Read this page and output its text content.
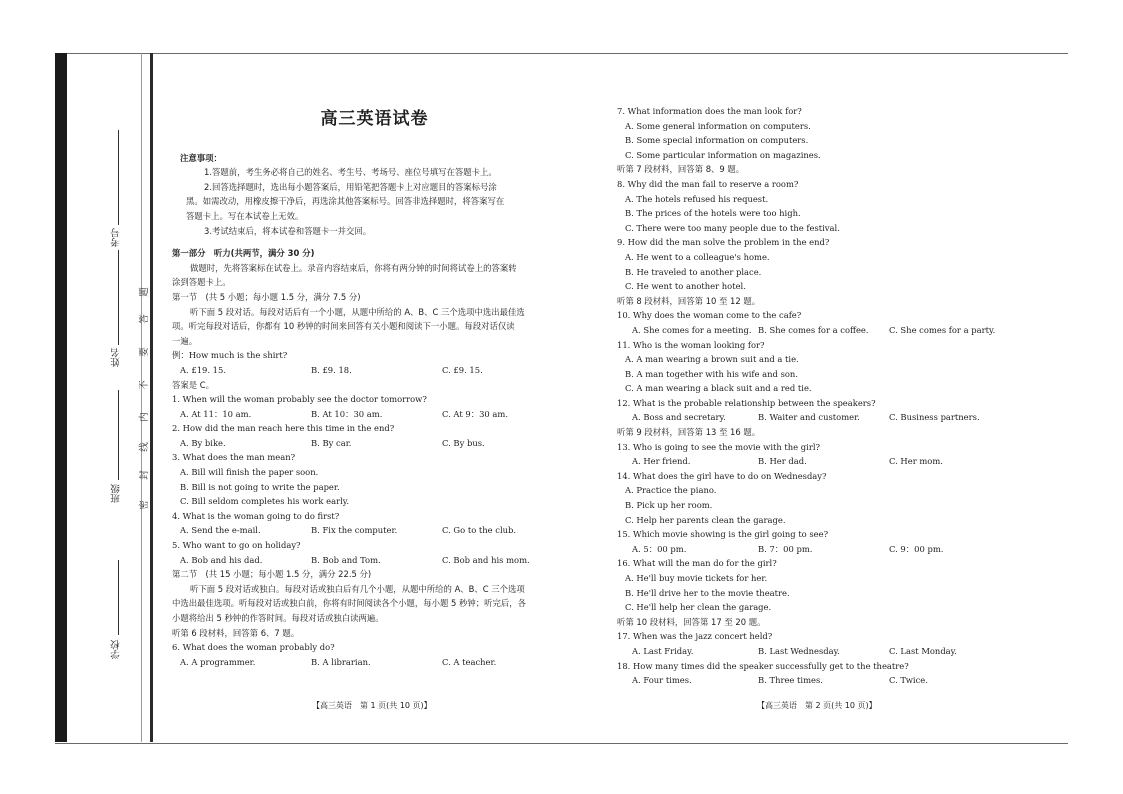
学校
班级
姓名
考号
题
答
要
不
内
线
封
密
高三英语试卷
注意事项：
1.答题前，考生务必将自己的姓名、考生号、考场号、座位号填写在答题卡上。
2.回答选择题时，选出每小题答案后，用铅笔把答题卡上对应题目的答案标号涂
黑。如需改动，用橡皮擦干净后，再选涂其他答案标号。回答非选择题时，将答案写在
答题卡上。写在本试卷上无效。
3.考试结束后，将本试卷和答题卡一并交回。
第一部分　听力(共两节，满分 30 分)
做题时，先将答案标在试卷上。录音内容结束后，你将有两分钟的时间将试卷上的答案转
涂到答题卡上。
第一节　(共 5 小题；每小题 1.5 分，满分 7.5 分)
听下面 5 段对话。每段对话后有一个小题，从题中所给的 A、B、C 三个选项中选出最佳选
项。听完每段对话后，你都有 10 秒钟的时间来回答有关小题和阅读下一小题。每段对话仅读
一遍。
例：How much is the shirt?
A. £19. 15.	B. £9. 18.	C. £9. 15.
答案是 C。
1. When will the woman probably see the doctor tomorrow?
A. At 11：10 am.	B. At 10：30 am.	C. At 9：30 am.
2. How did the man reach here this time in the end?
A. By bike.	B. By car.	C. By bus.
3. What does the man mean?
A. Bill will finish the paper soon.
B. Bill is not going to write the paper.
C. Bill seldom completes his work early.
4. What is the woman going to do first?
A. Send the e-mail.	B. Fix the computer.	C. Go to the club.
5. Who want to go on holiday?
A. Bob and his dad.	B. Bob and Tom.	C. Bob and his mom.
第二节　(共 15 小题；每小题 1.5 分，满分 22.5 分)
听下面 5 段对话或独白。每段对话或独白后有几个小题，从题中所给的 A、B、C 三个选项
中选出最佳选项。听每段对话或独白前，你将有时间阅读各个小题，每小题 5 秒钟；听完后，各
小题将给出 5 秒钟的作答时间。每段对话或独白读两遍。
听第 6 段材料，回答第 6、7 题。
6. What does the woman probably do?
A. A programmer.	B. A librarian.	C. A teacher.
【高三英语　第 1 页(共 10 页)】
7. What information does the man look for?
A. Some general information on computers.
B. Some special information on computers.
C. Some particular information on magazines.
听第 7 段材料，回答第 8、9 题。
8. Why did the man fail to reserve a room?
A. The hotels refused his request.
B. The prices of the hotels were too high.
C. There were too many people due to the festival.
9. How did the man solve the problem in the end?
A. He went to a colleague's home.
B. He traveled to another place.
C. He went to another hotel.
听第 8 段材料，回答第 10 至 12 题。
10. Why does the woman come to the cafe?
A. She comes for a meeting. B. She comes for a coffee.	C. She comes for a party.
11. Who is the woman looking for?
A. A man wearing a brown suit and a tie.
B. A man together with his wife and son.
C. A man wearing a black suit and a red tie.
12. What is the probable relationship between the speakers?
A. Boss and secretary.	B. Waiter and customer.	C. Business partners.
听第 9 段材料，回答第 13 至 16 题。
13. Who is going to see the movie with the girl?
A. Her friend.	B. Her dad.	C. Her mom.
14. What does the girl have to do on Wednesday?
A. Practice the piano.
B. Pick up her room.
C. Help her parents clean the garage.
15. Which movie showing is the girl going to see?
A. 5：00 pm.	B. 7：00 pm.	C. 9：00 pm.
16. What will the man do for the girl?
A. He'll buy movie tickets for her.
B. He'll drive her to the movie theatre.
C. He'll help her clean the garage.
听第 10 段材料，回答第 17 至 20 题。
17. When was the jazz concert held?
A. Last Friday.	B. Last Wednesday.	C. Last Monday.
18. How many times did the speaker successfully get to the theatre?
A. Four times.	B. Three times.	C. Twice.
【高三英语　第 2 页(共 10 页)】
